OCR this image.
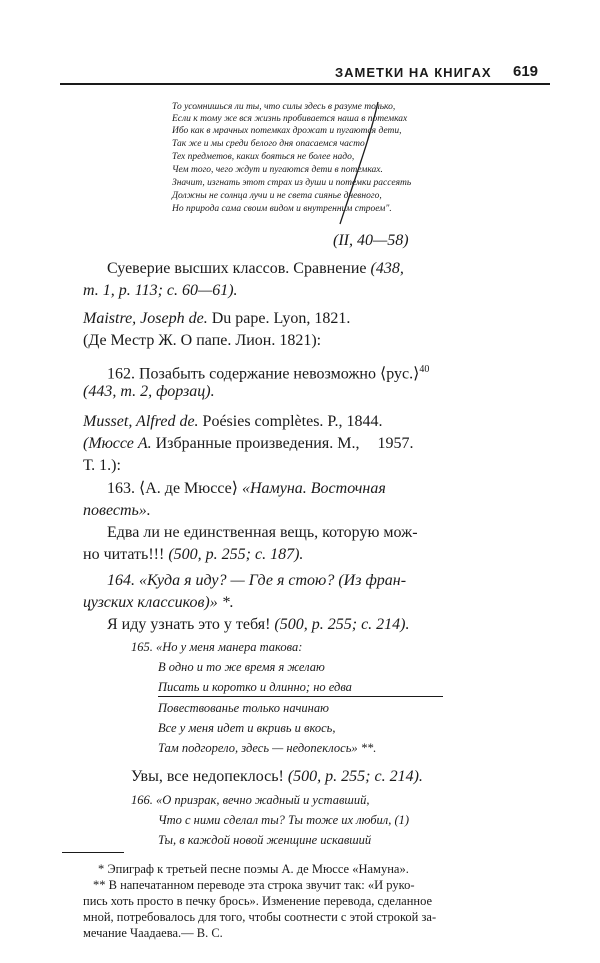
ЗАМЕТКИ НА КНИГАХ 619
То усомнишься ли ты, что силы здесь в разуме только,
Если к тому же вся жизнь пробивается наша в потемках
Ибо как в мрачных потемках дрожат и пугаются дети,
Так же и мы среди белого дня опасаемся часто
Тех предметов, каких бояться не более надо,
Чем того, чего ждут и пугаются дети в потемках.
Значит, изгнать этот страх из души и потемки рассеять
Должны не солнца лучи и не света сиянье дневного,
Но природа сама своим видом и внутренним строем".
(II, 40—58)
Суеверие высших классов. Сравнение (438,
т. 1, р. 113; с. 60—61).
Maistre, Joseph de. Du pape. Lyon, 1821.
(Де Местр Ж. О папе. Лион. 1821):
162. Позабыть содержание невозможно ⟨рус.⟩$^{40}$
(443, т. 2, форзац).
Musset, Alfred de. Poésies complètes. P., 1844.
(Мюссе А. Избранные произведения. М., 1957.
Т. 1.):
163. ⟨А. де Мюссе⟩ «Намуна. Восточная
повесть».
Едва ли не единственная вещь, которую мож-
но читать!!! (500, р. 255; с. 187).
164. «Куда я иду? — Где я стою? (Из фран-
цузских классиков)» *.
Я иду узнать это у тебя! (500, р. 255; с. 214).
165. «Но у меня манера такова:
В одно и то же время я желаю
Писать и коротко и длинно; но едва
Повествованье только начинаю
Все у меня идет и вкривь и вкось,
Там подгорело, здесь — недопеклось» **.
Увы, все недопеклось! (500, р. 255; с. 214).
166. «О призрак, вечно жадный и уставший,
Что с ними сделал ты? Ты тоже их любил, (1)
Ты, в каждой новой женщине искавший
* Эпиграф к третьей песне поэмы А. де Мюссе «Намуна».
** В напечатанном переводе эта строка звучит так: «И руко-
пись хоть просто в печку брось». Изменение перевода, сделанное
мной, потребовалось для того, чтобы соотнести с этой строкой за-
мечание Чаадаева.— В. С.
